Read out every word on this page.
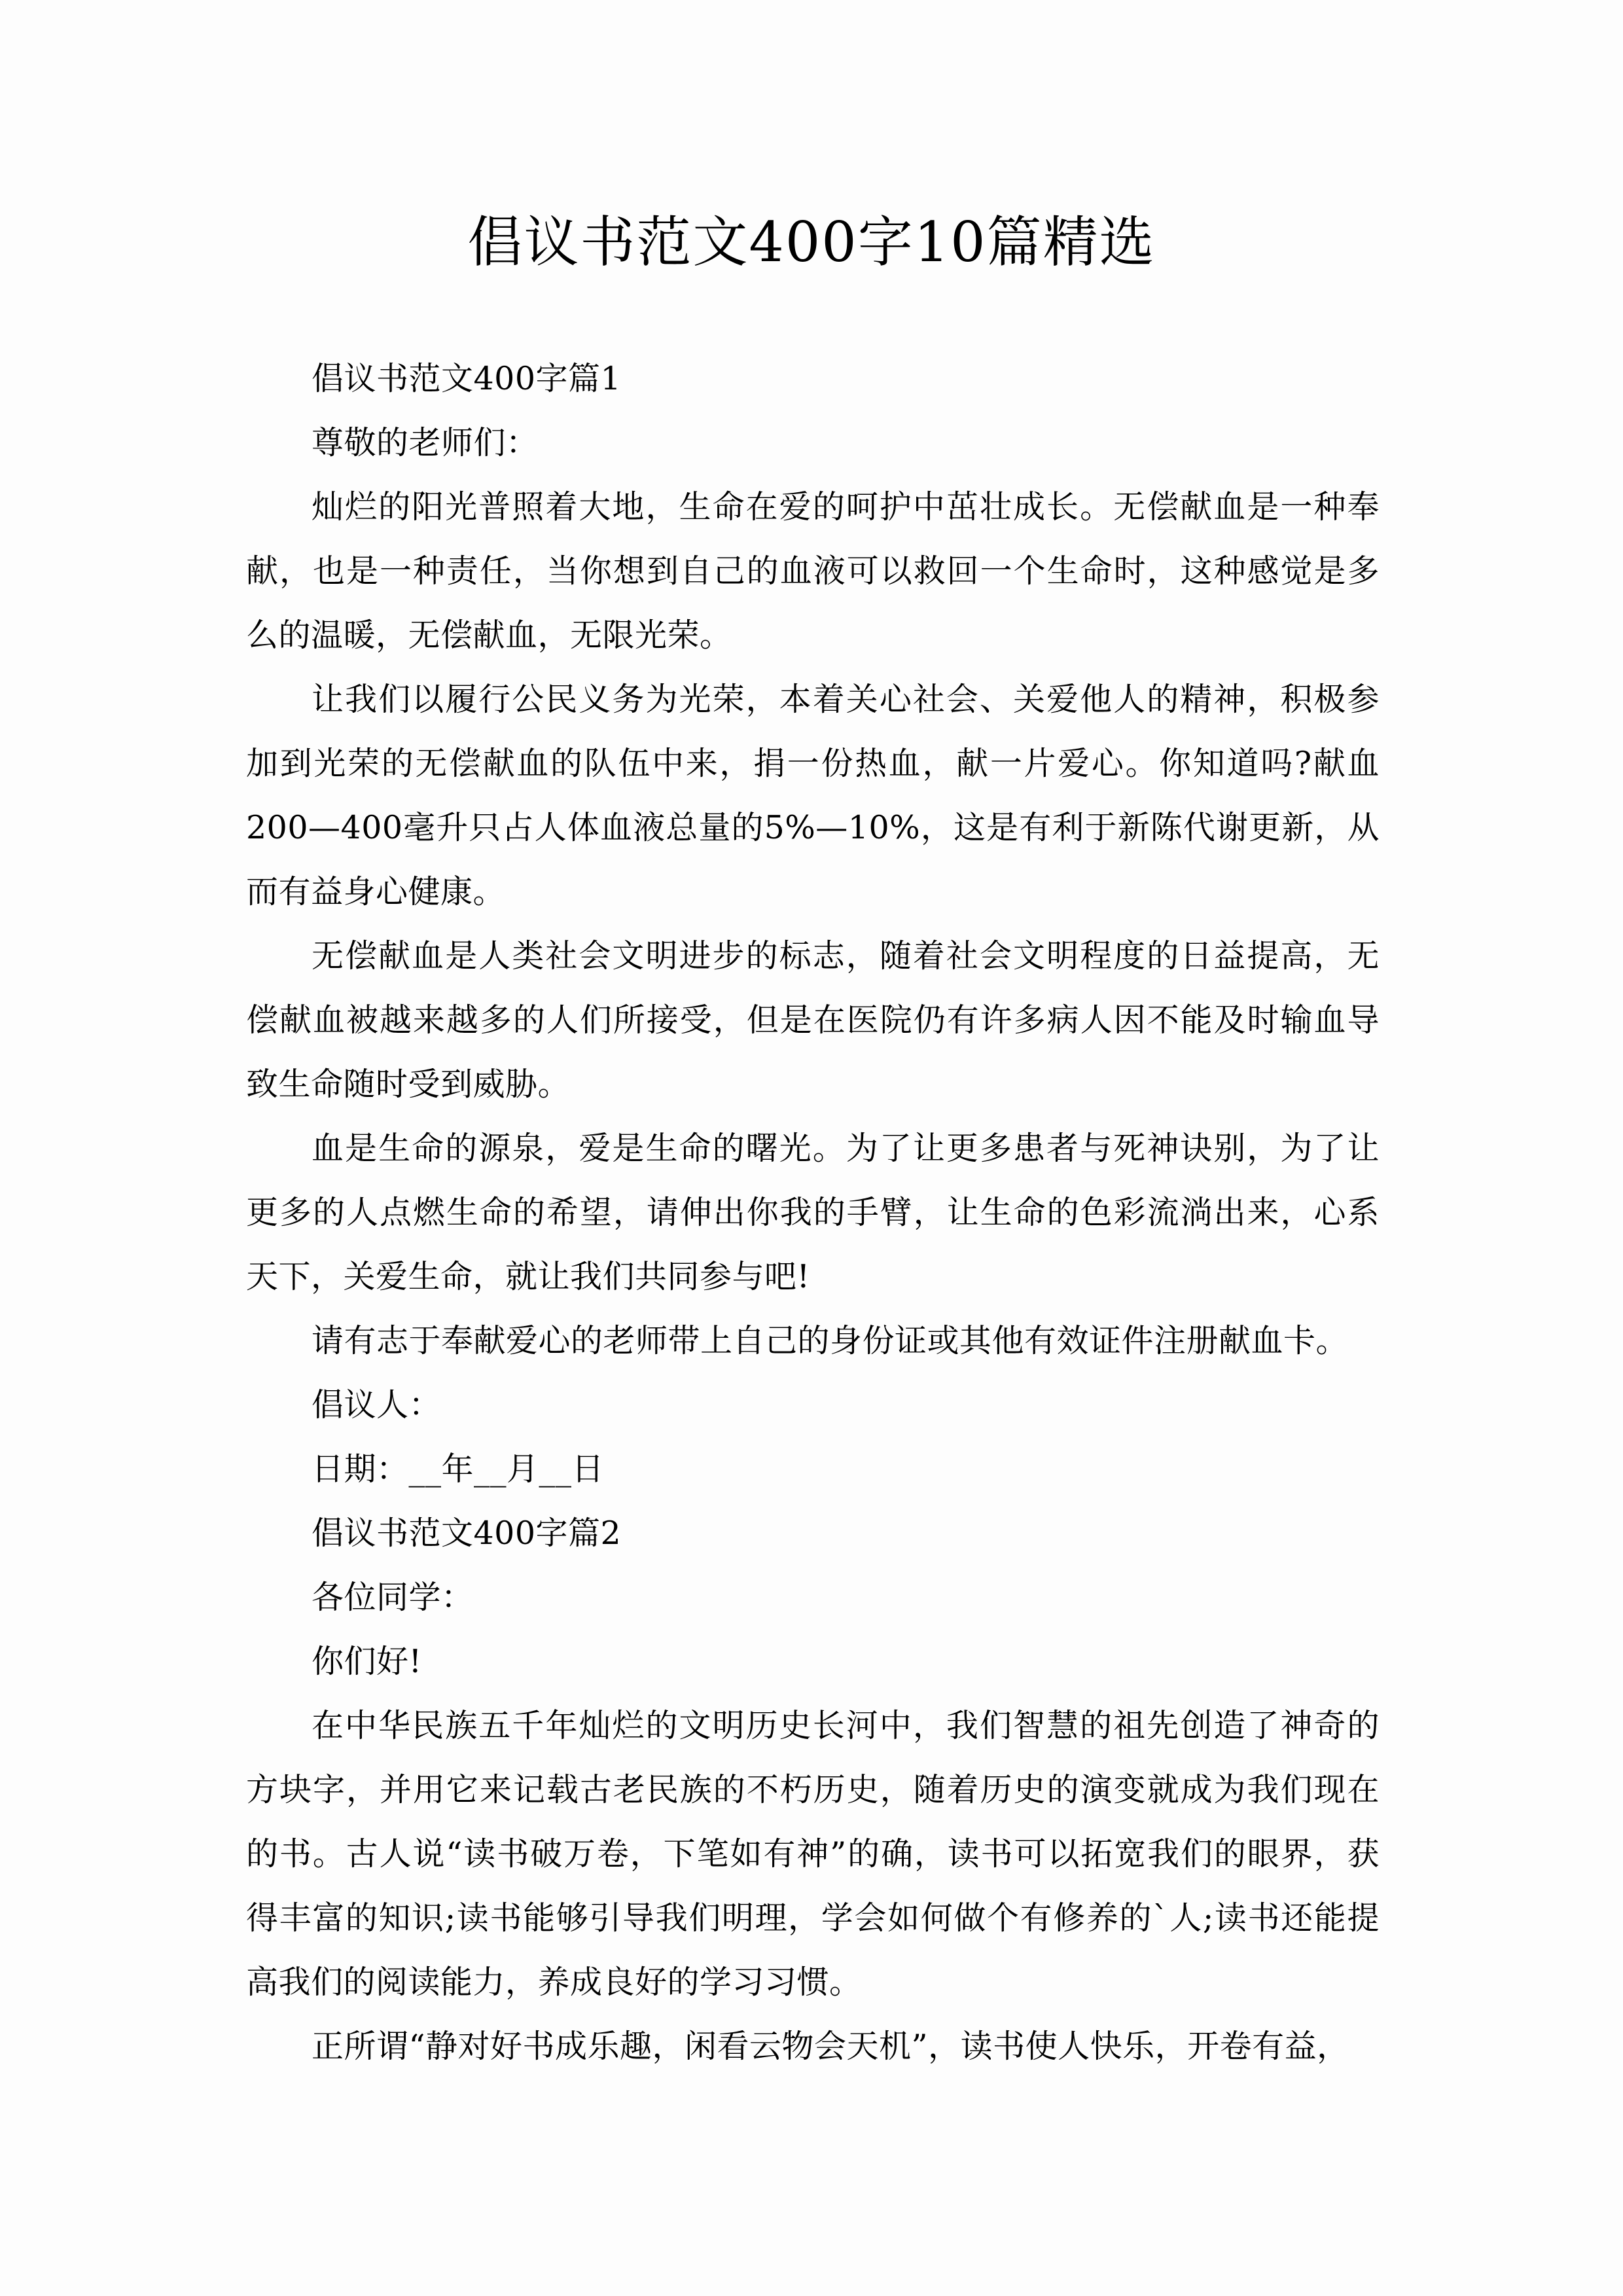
倡议书范文400字10篇精选

倡议书范文400字篇1

尊敬的老师们：

灿烂的阳光普照着大地，生命在爱的呵护中茁壮成长。无偿献血是一种奉献，也是一种责任，当你想到自己的血液可以救回一个生命时，这种感觉是多么的温暖，无偿献血，无限光荣。

让我们以履行公民义务为光荣，本着关心社会、关爱他人的精神，积极参加到光荣的无偿献血的队伍中来，捐一份热血，献一片爱心。你知道吗?献血200—400毫升只占人体血液总量的5%—10%，这是有利于新陈代谢更新，从而有益身心健康。

无偿献血是人类社会文明进步的标志，随着社会文明程度的日益提高，无偿献血被越来越多的人们所接受，但是在医院仍有许多病人因不能及时输血导致生命随时受到威胁。

血是生命的源泉，爱是生命的曙光。为了让更多患者与死神诀别，为了让更多的人点燃生命的希望，请伸出你我的手臂，让生命的色彩流淌出来，心系天下，关爱生命，就让我们共同参与吧!

请有志于奉献爱心的老师带上自己的身份证或其他有效证件注册献血卡。

倡议人：

日期：__年__月__日

倡议书范文400字篇2

各位同学：

你们好!

在中华民族五千年灿烂的文明历史长河中，我们智慧的祖先创造了神奇的方块字，并用它来记载古老民族的不朽历史，随着历史的演变就成为我们现在的书。古人说“读书破万卷，下笔如有神”的确，读书可以拓宽我们的眼界，获得丰富的知识;读书能够引导我们明理，学会如何做个有修养的`人;读书还能提高我们的阅读能力，养成良好的学习习惯。

正所谓“静对好书成乐趣，闲看云物会天机”，读书使人快乐，开卷有益，
